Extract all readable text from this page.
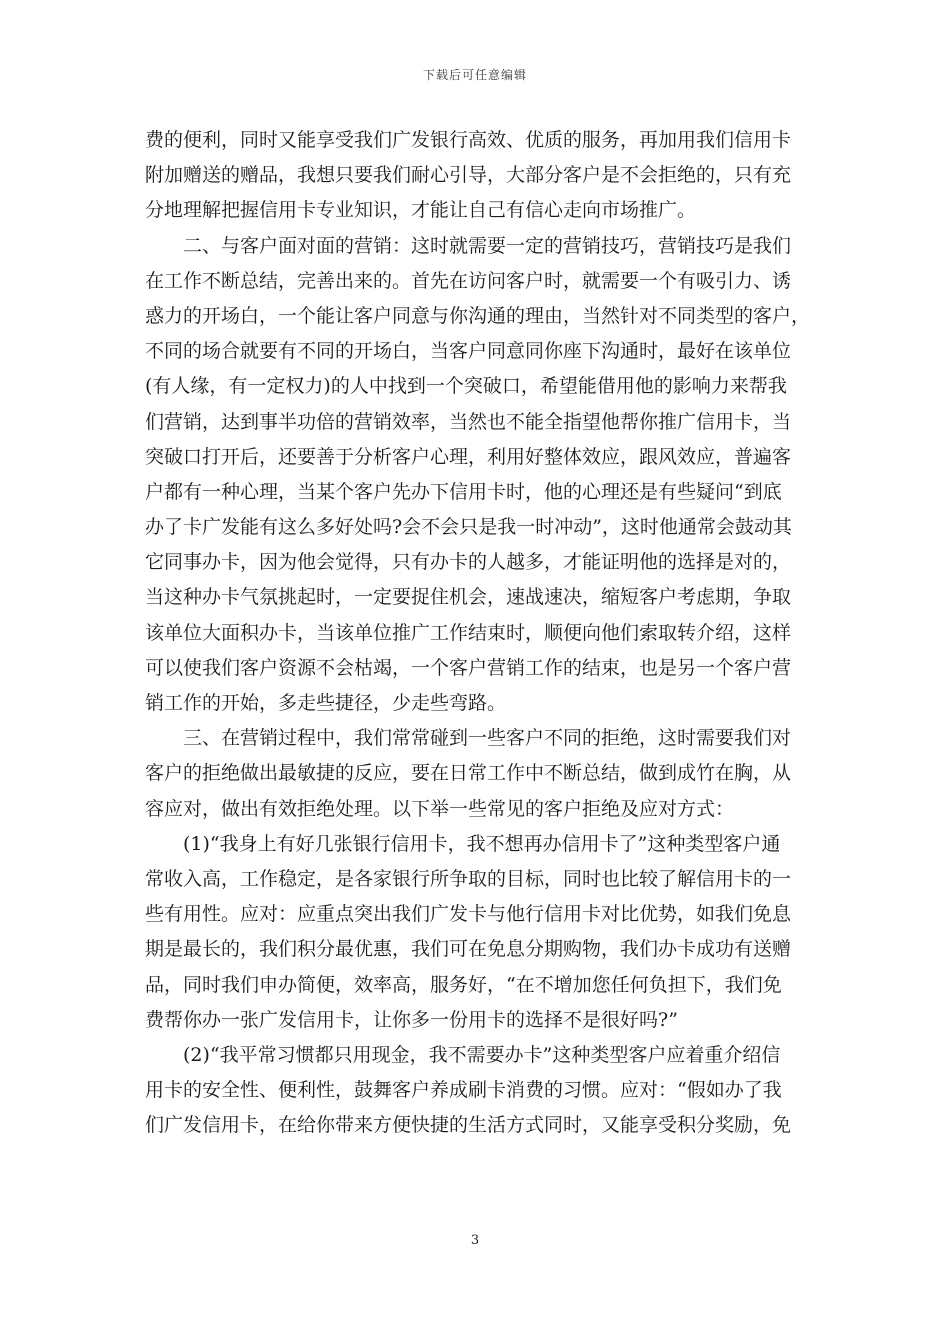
下载后可任意编辑
费的便利，同时又能享受我们广发银行高效、优质的服务，再加用我们信用卡
附加赠送的赠品，我想只要我们耐心引导，大部分客户是不会拒绝的，只有充
分地理解把握信用卡专业知识，才能让自己有信心走向市场推广。
　　二、与客户面对面的营销：这时就需要一定的营销技巧，营销技巧是我们
在工作不断总结，完善出来的。首先在访问客户时，就需要一个有吸引力、诱
惑力的开场白，一个能让客户同意与你沟通的理由，当然针对不同类型的客户，
不同的场合就要有不同的开场白，当客户同意同你座下沟通时，最好在该单位
(有人缘，有一定权力)的人中找到一个突破口，希望能借用他的影响力来帮我
们营销，达到事半功倍的营销效率，当然也不能全指望他帮你推广信用卡，当
突破口打开后，还要善于分析客户心理，利用好整体效应，跟风效应，普遍客
户都有一种心理，当某个客户先办下信用卡时，他的心理还是有些疑问“到底
办了卡广发能有这么多好处吗?会不会只是我一时冲动”，这时他通常会鼓动其
它同事办卡，因为他会觉得，只有办卡的人越多，才能证明他的选择是对的，
当这种办卡气氛挑起时，一定要捉住机会，速战速决，缩短客户考虑期，争取
该单位大面积办卡，当该单位推广工作结束时，顺便向他们索取转介绍，这样
可以使我们客户资源不会枯竭，一个客户营销工作的结束，也是另一个客户营
销工作的开始，多走些捷径，少走些弯路。
　　三、在营销过程中，我们常常碰到一些客户不同的拒绝，这时需要我们对
客户的拒绝做出最敏捷的反应，要在日常工作中不断总结，做到成竹在胸，从
容应对，做出有效拒绝处理。以下举一些常见的客户拒绝及应对方式：
　　(1)“我身上有好几张银行信用卡，我不想再办信用卡了”这种类型客户通
常收入高，工作稳定，是各家银行所争取的目标，同时也比较了解信用卡的一
些有用性。应对：应重点突出我们广发卡与他行信用卡对比优势，如我们免息
期是最长的，我们积分最优惠，我们可在免息分期购物，我们办卡成功有送赠
品，同时我们申办简便，效率高，服务好，“在不增加您任何负担下，我们免
费帮你办一张广发信用卡，让你多一份用卡的选择不是很好吗?”
　　(2)“我平常习惯都只用现金，我不需要办卡”这种类型客户应着重介绍信
用卡的安全性、便利性，鼓舞客户养成刷卡消费的习惯。应对：“假如办了我
们广发信用卡，在给你带来方便快捷的生活方式同时，又能享受积分奖励，免
3
